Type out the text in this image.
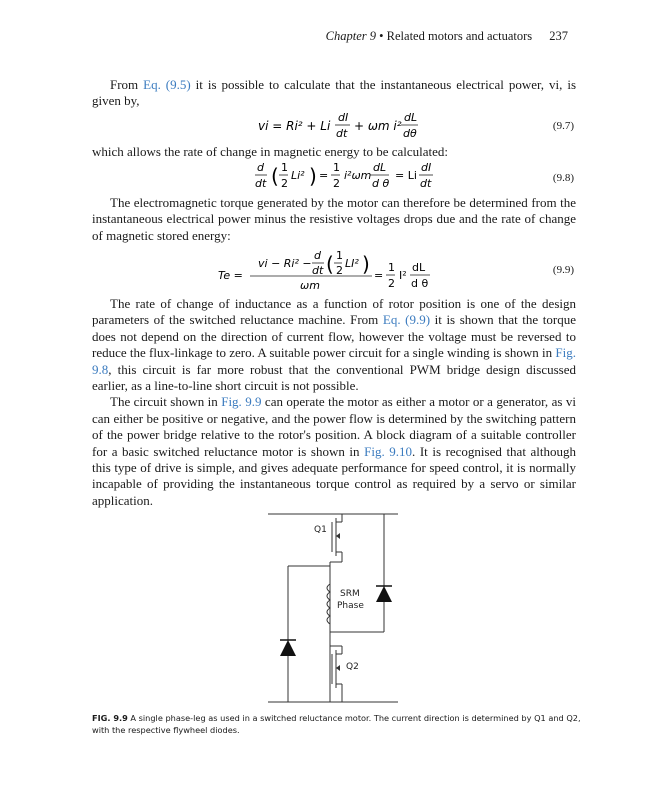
Chapter 9 • Related motors and actuators 237

From Eq. (9.5) it is possible to calculate that the instantaneous electrical power, vi, is given by,

vi = Ri² + Li
dI
dt
+ ωm i²
dL
dθ
(9.7)
which allows the rate of change in magnetic energy to be calculated:
d
dt ( 1
2
Li² ) =
1
2
i²ωm
dL
d θ
= Li
dI
dt	(9.8)

The electromagnetic torque generated by the motor can therefore be determined from the instantaneous electrical power minus the resistive voltages drops due and the rate of change of magnetic stored energy:

Te =
vi − Ri² −
d
dt ( 1
2
LI² )
ωm
=
1
2
I²
dL
d θ
(9.9)

The rate of change of inductance as a function of rotor position is one of the design parameters of the switched reluctance machine. From Eq. (9.9) it is shown that the torque does not depend on the direction of current flow, however the voltage must be reversed to reduce the flux-linkage to zero. A suitable power circuit for a single winding is shown in Fig. 9.8, this circuit is far more robust that the conventional PWM bridge design discussed earlier, as a line-to-line short circuit is not possible.

The circuit shown in Fig. 9.9 can operate the motor as either a motor or a generator, as vi can either be positive or negative, and the power flow is determined by the switching pattern of the power bridge relative to the rotor's position. A block diagram of a suitable controller for a basic switched reluctance motor is shown in Fig. 9.10. It is recognised that although this type of drive is simple, and gives adequate performance for speed control, it is normally incapable of providing the instantaneous torque control as required by a servo or similar application.

Q1
Q2
SRM
Phase
FIG. 9.9 A single phase-leg as used in a switched reluctance motor. The current direction is determined by Q1 and Q2, with the respective flywheel diodes.
